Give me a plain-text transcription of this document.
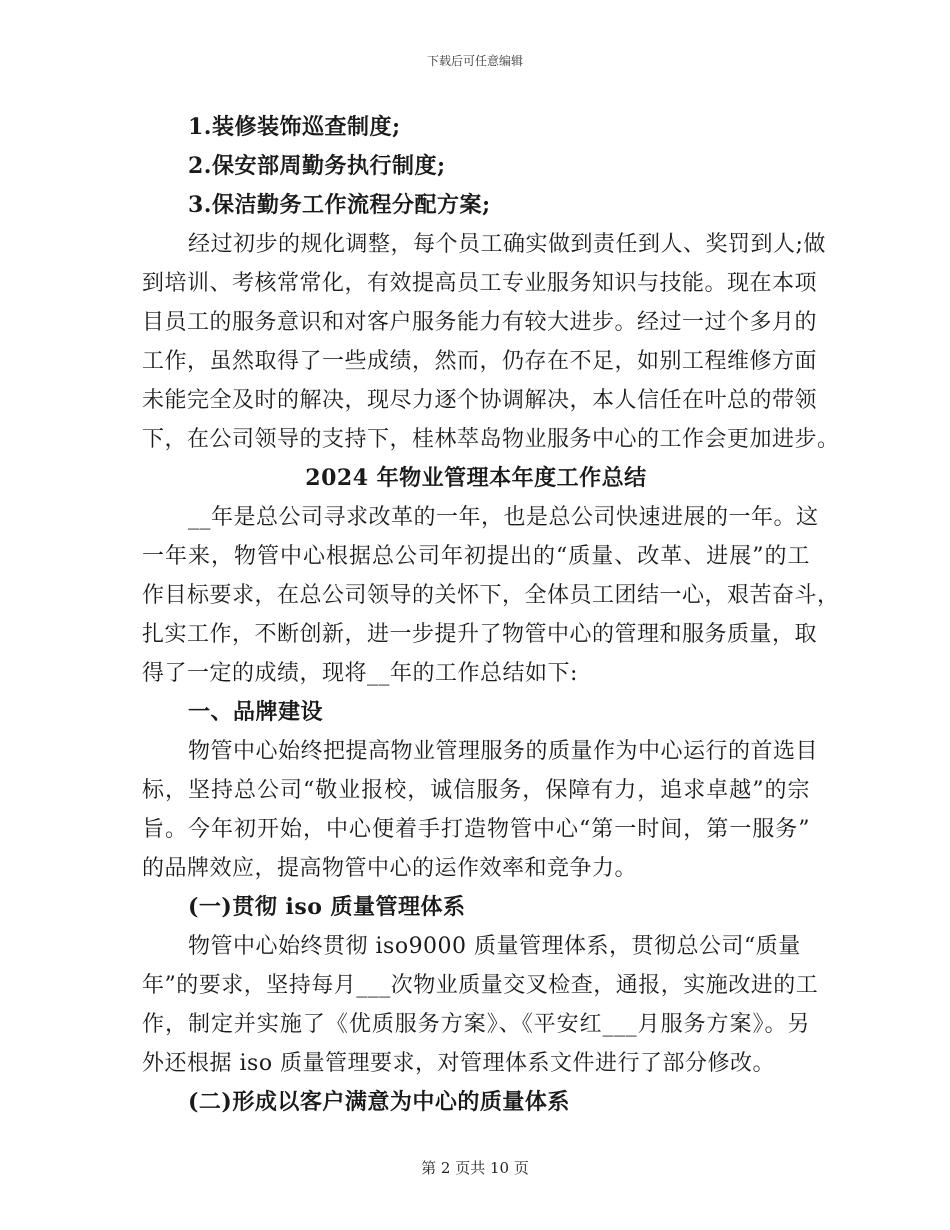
下载后可任意编辑
1.装修装饰巡查制度;
2.保安部周勤务执行制度;
3.保洁勤务工作流程分配方案;
经过初步的规化调整，每个员工确实做到责任到人、奖罚到人;做
到培训、考核常常化，有效提高员工专业服务知识与技能。现在本项
目员工的服务意识和对客户服务能力有较大进步。经过一过个多月的
工作，虽然取得了一些成绩，然而，仍存在不足，如别工程维修方面
未能完全及时的解决，现尽力逐个协调解决，本人信任在叶总的带领
下，在公司领导的支持下，桂林萃岛物业服务中心的工作会更加进步。
2024 年物业管理本年度工作总结
__年是总公司寻求改革的一年，也是总公司快速进展的一年。这
一年来，物管中心根据总公司年初提出的“质量、改革、进展”的工
作目标要求，在总公司领导的关怀下，全体员工团结一心，艰苦奋斗，
扎实工作，不断创新，进一步提升了物管中心的管理和服务质量，取
得了一定的成绩，现将__年的工作总结如下:
一、品牌建设
物管中心始终把提高物业管理服务的质量作为中心运行的首选目
标，坚持总公司“敬业报校，诚信服务，保障有力，追求卓越”的宗
旨。今年初开始，中心便着手打造物管中心“第一时间，第一服务”
的品牌效应，提高物管中心的运作效率和竞争力。
(一)贯彻 iso 质量管理体系
物管中心始终贯彻 iso9000 质量管理体系，贯彻总公司“质量
年”的要求，坚持每月___次物业质量交叉检查，通报，实施改进的工
作，制定并实施了《优质服务方案》、《平安红___月服务方案》。另
外还根据 iso 质量管理要求，对管理体系文件进行了部分修改。
(二)形成以客户满意为中心的质量体系
第 2 页共 10 页
